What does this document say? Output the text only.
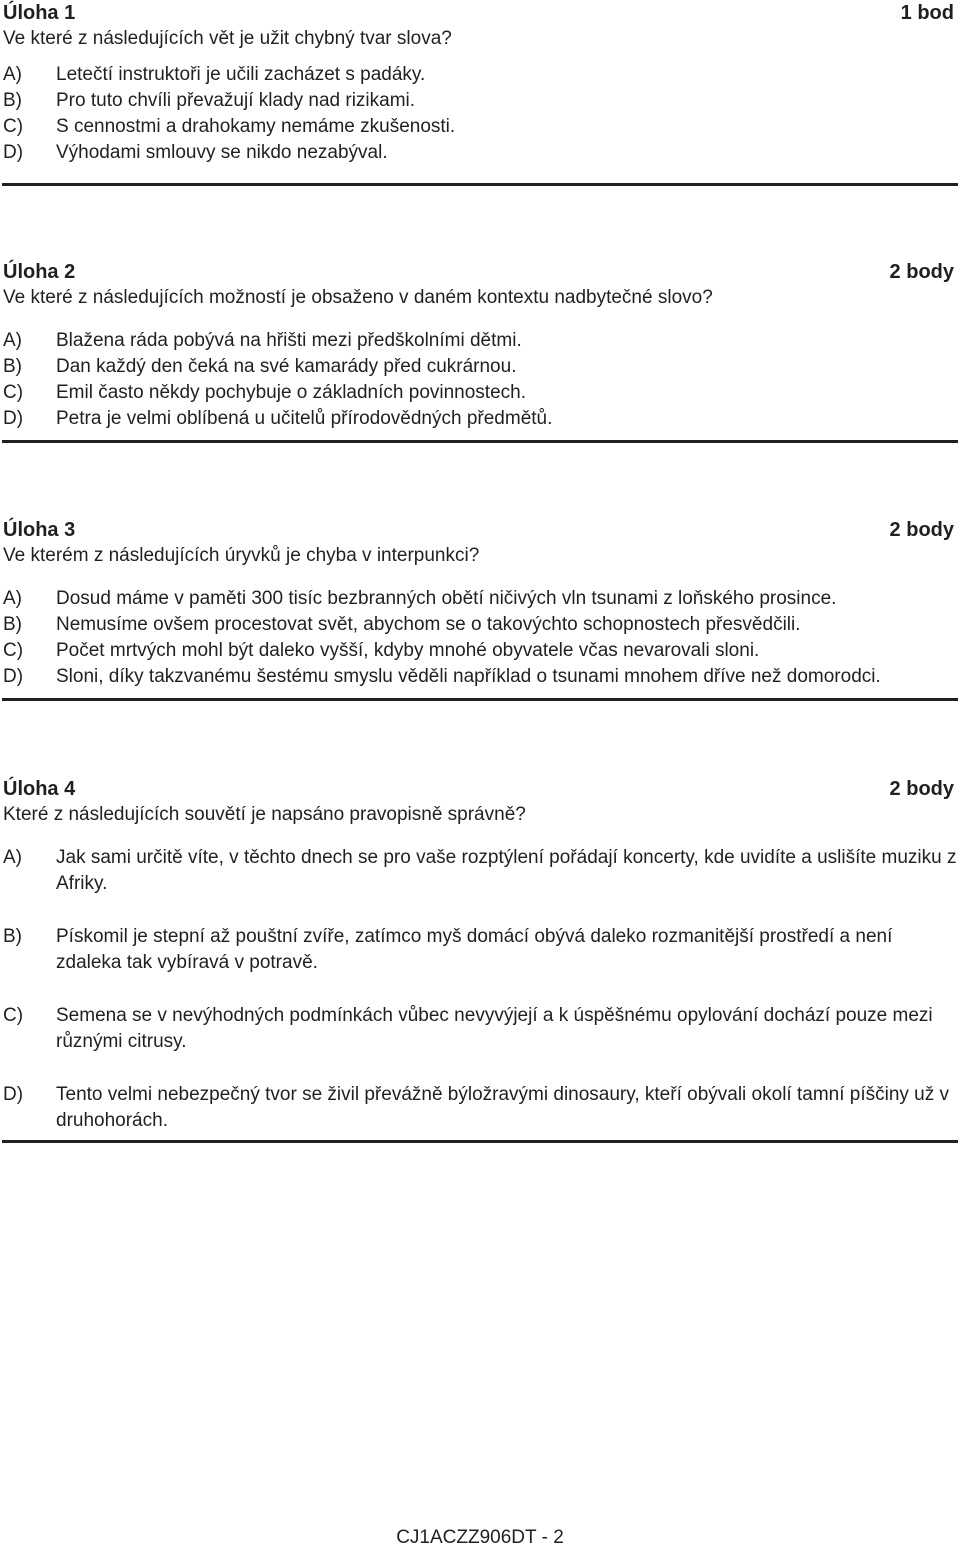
Úloha 1	1 bod

Ve které z následujících vět je užit chybný tvar slova?

A) Letečtí instruktoři je učili zacházet s padáky.
B) Pro tuto chvíli převažují klady nad rizikami.
C) S cennostmi a drahokamy nemáme zkušenosti.
D) Výhodami smlouvy se nikdo nezabýval.
Úloha 2	2 body

Ve které z následujících možností je obsaženo v daném kontextu nadbytečné slovo?

A) Blažena ráda pobývá na hřišti mezi předškolními dětmi.
B) Dan každý den čeká na své kamarády před cukrárnou.
C) Emil často někdy pochybuje o základních povinnostech.
D) Petra je velmi oblíbená u učitelů přírodovědných předmětů.
Úloha 3	2 body

Ve kterém z následujících úryvků je chyba v interpunkci?

A) Dosud máme v paměti 300 tisíc bezbranných obětí ničivých vln tsunami z loňského prosince.
B) Nemusíme ovšem procestovat svět, abychom se o takovýchto schopnostech přesvědčili.
C) Počet mrtvých mohl být daleko vyšší, kdyby mnohé obyvatele včas nevarovali sloni.
D) Sloni, díky takzvanému šestému smyslu věděli například o tsunami mnohem dříve než domorodci.
Úloha 4	2 body

Které z následujících souvětí je napsáno pravopisně správně?

A) Jak sami určitě víte, v těchto dnech se pro vaše rozptýlení pořádají koncerty, kde uvidíte a uslišíte muziku z Afriky.
B) Pískomil je stepní až pouštní zvíře, zatímco myš domácí obývá daleko rozmanitější prostředí a není zdaleka tak vybíravá v potravě.
C) Semena se v nevýhodných podmínkách vůbec nevyvýjejí a k úspěšnému opylování dochází pouze mezi různými citrusy.
D) Tento velmi nebezpečný tvor se živil převážně býložravými dinosaury, kteří obývali okolí tamní píščiny už v druhohorách.
CJ1ACZZ906DT - 2
